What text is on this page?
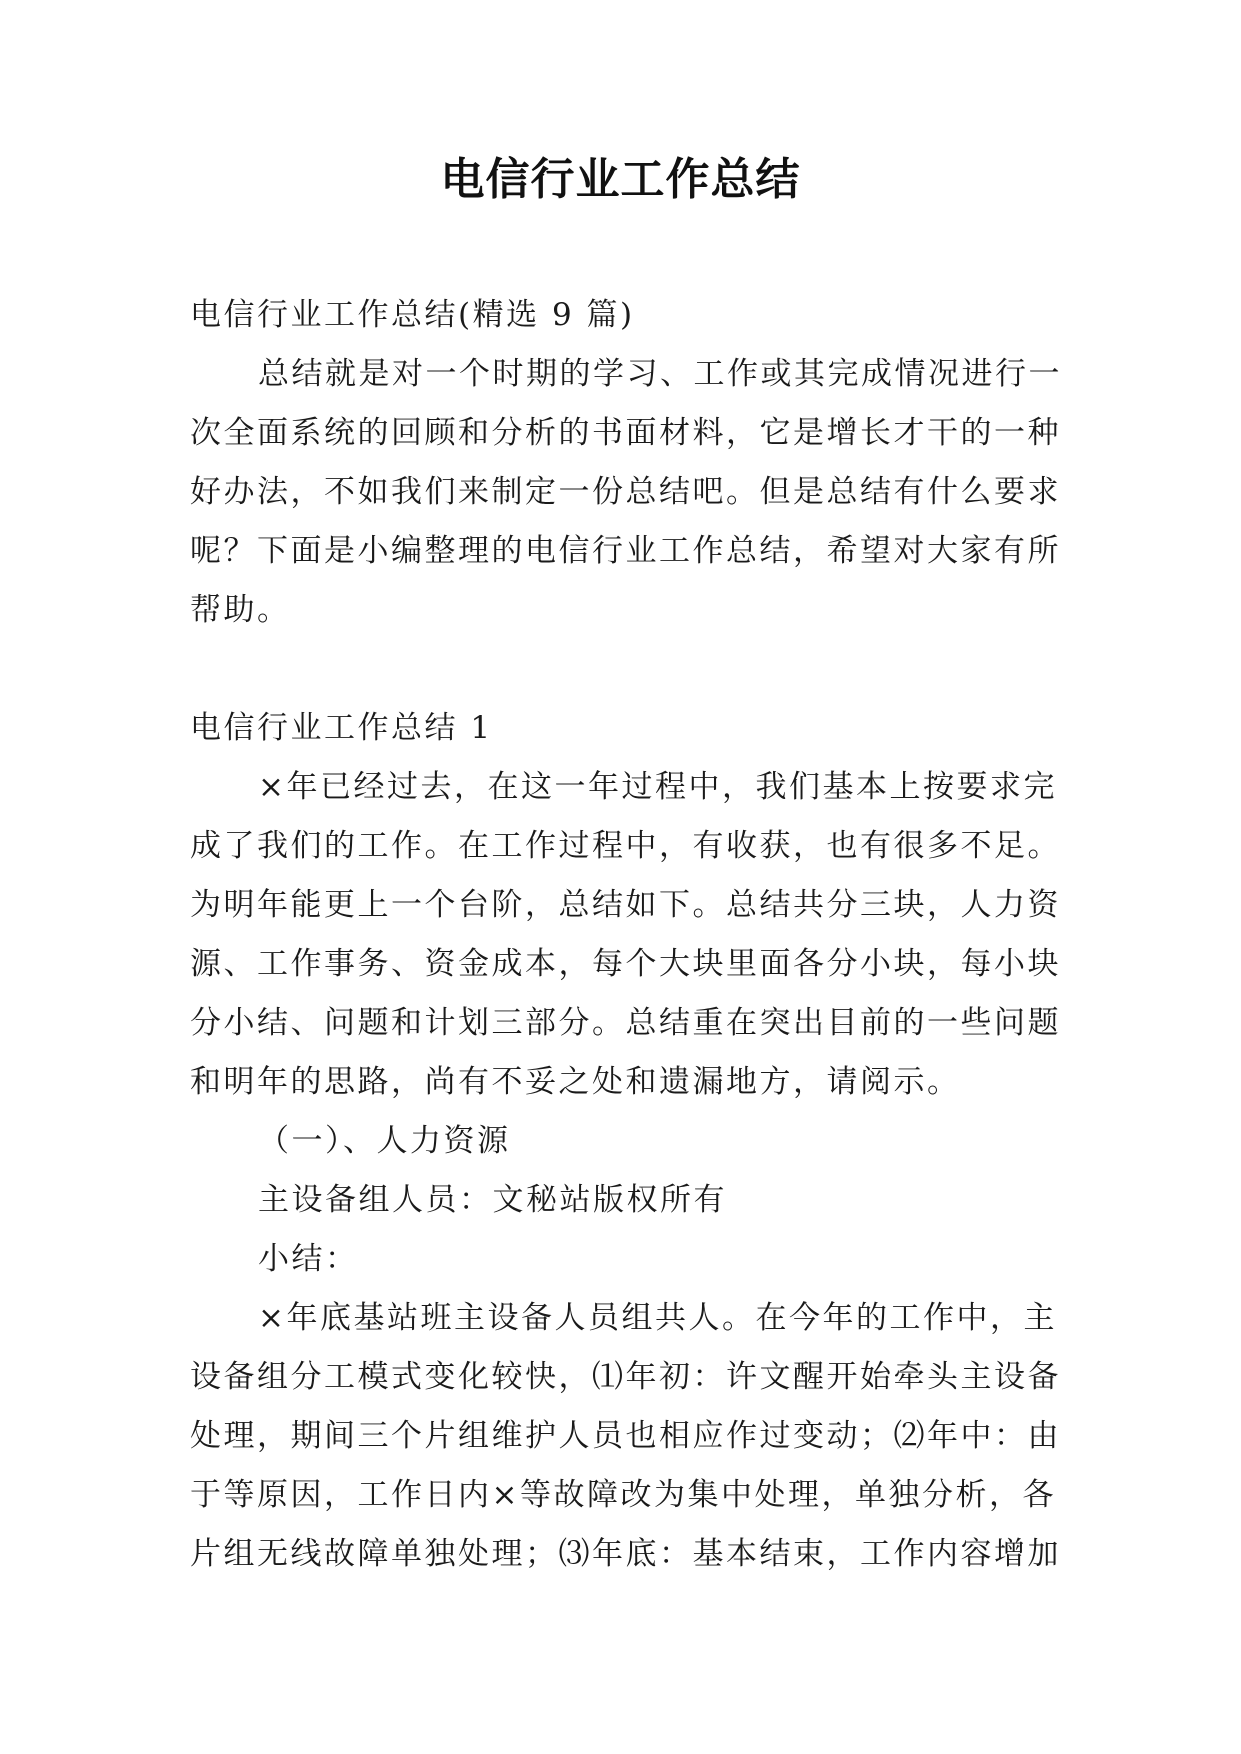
电信行业工作总结
电信行业工作总结(精选 9 篇)
总结就是对一个时期的学习、工作或其完成情况进行一
次全面系统的回顾和分析的书面材料，它是增长才干的一种
好办法，不如我们来制定一份总结吧。但是总结有什么要求
呢？下面是小编整理的电信行业工作总结，希望对大家有所
帮助。
电信行业工作总结 1
×年已经过去，在这一年过程中，我们基本上按要求完
成了我们的工作。在工作过程中，有收获，也有很多不足。
为明年能更上一个台阶，总结如下。总结共分三块，人力资
源、工作事务、资金成本，每个大块里面各分小块，每小块
分小结、问题和计划三部分。总结重在突出目前的一些问题
和明年的思路，尚有不妥之处和遗漏地方，请阅示。
（一）、人力资源
主设备组人员：文秘站版权所有
小结：
×年底基站班主设备人员组共人。在今年的工作中，主
设备组分工模式变化较快，⑴年初：许文醒开始牵头主设备
处理，期间三个片组维护人员也相应作过变动；⑵年中：由
于等原因，工作日内×等故障改为集中处理，单独分析，各
片组无线故障单独处理；⑶年底：基本结束，工作内容增加
